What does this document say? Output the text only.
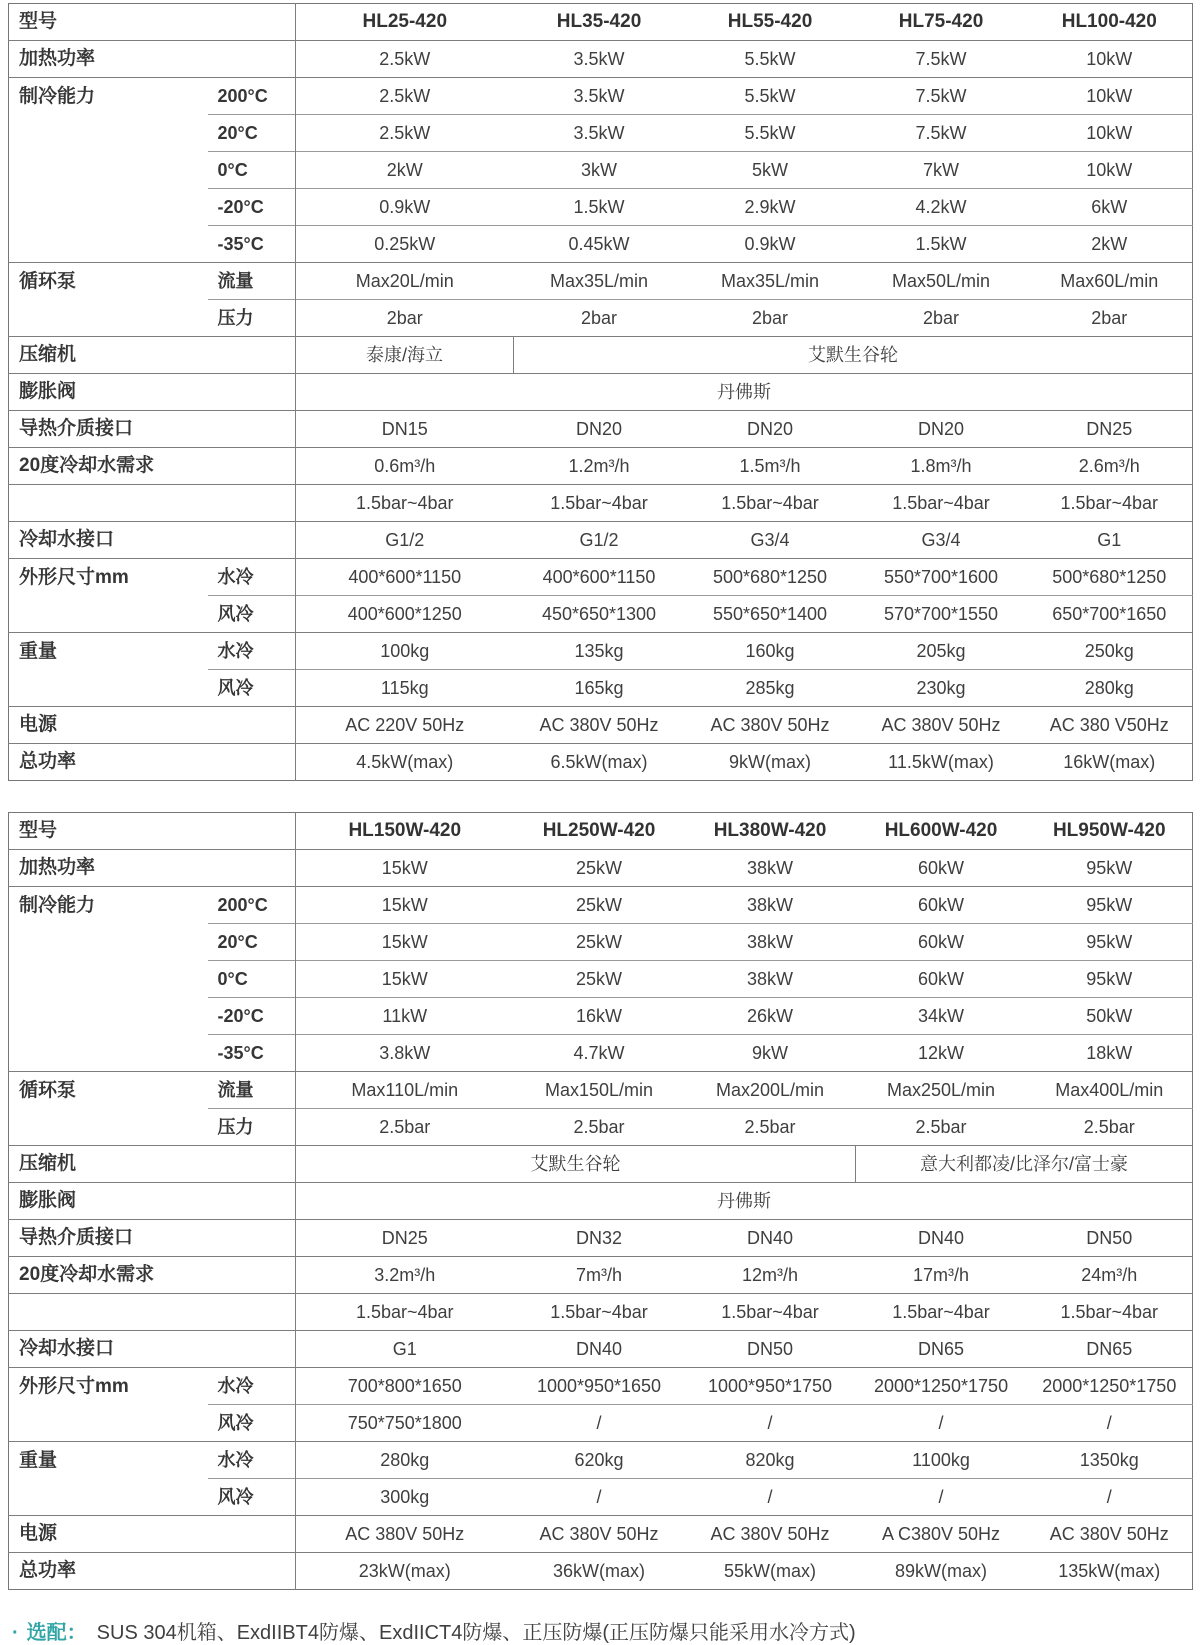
型号		HL25-420	HL35-420	HL55-420	HL75-420	HL100-420
加热功率		2.5kW	3.5kW	5.5kW	7.5kW	10kW
制冷能力	200°C	2.5kW	3.5kW	5.5kW	7.5kW	10kW
	20°C	2.5kW	3.5kW	5.5kW	7.5kW	10kW
	0°C	2kW	3kW	5kW	7kW	10kW
	-20°C	0.9kW	1.5kW	2.9kW	4.2kW	6kW
	-35°C	0.25kW	0.45kW	0.9kW	1.5kW	2kW
循环泵	流量	Max20L/min	Max35L/min	Max35L/min	Max50L/min	Max60L/min
	压力	2bar	2bar	2bar	2bar	2bar
压缩机		泰康/海立	艾默生谷轮			
膨胀阀		丹佛斯				
导热介质接口		DN15	DN20	DN20	DN20	DN25
20度冷却水需求		0.6m³/h	1.2m³/h	1.5m³/h	1.8m³/h	2.6m³/h
		1.5bar~4bar	1.5bar~4bar	1.5bar~4bar	1.5bar~4bar	1.5bar~4bar
冷却水接口		G1/2	G1/2	G3/4	G3/4	G1
外形尺寸mm	水冷	400*600*1150	400*600*1150	500*680*1250	550*700*1600	500*680*1250
	风冷	400*600*1250	450*650*1300	550*650*1400	570*700*1550	650*700*1650
重量	水冷	100kg	135kg	160kg	205kg	250kg
	风冷	115kg	165kg	285kg	230kg	280kg
电源		AC 220V 50Hz	AC 380V 50Hz	AC 380V 50Hz	AC 380V 50Hz	AC 380 V50Hz
总功率		4.5kW(max)	6.5kW(max)	9kW(max)	11.5kW(max)	16kW(max)
型号		HL150W-420	HL250W-420	HL380W-420	HL600W-420	HL950W-420
加热功率		15kW	25kW	38kW	60kW	95kW
制冷能力	200°C	15kW	25kW	38kW	60kW	95kW
	20°C	15kW	25kW	38kW	60kW	95kW
	0°C	15kW	25kW	38kW	60kW	95kW
	-20°C	11kW	16kW	26kW	34kW	50kW
	-35°C	3.8kW	4.7kW	9kW	12kW	18kW
循环泵	流量	Max110L/min	Max150L/min	Max200L/min	Max250L/min	Max400L/min
	压力	2.5bar	2.5bar	2.5bar	2.5bar	2.5bar
压缩机		艾默生谷轮			意大利都凌/比泽尔/富士豪	
膨胀阀		丹佛斯				
导热介质接口		DN25	DN32	DN40	DN40	DN50
20度冷却水需求		3.2m³/h	7m³/h	12m³/h	17m³/h	24m³/h
		1.5bar~4bar	1.5bar~4bar	1.5bar~4bar	1.5bar~4bar	1.5bar~4bar
冷却水接口		G1	DN40	DN50	DN65	DN65
外形尺寸mm	水冷	700*800*1650	1000*950*1650	1000*950*1750	2000*1250*1750	2000*1250*1750
	风冷	750*750*1800	/	/	/	/
重量	水冷	280kg	620kg	820kg	1100kg	1350kg
	风冷	300kg	/	/	/	/
电源		AC 380V 50Hz	AC 380V 50Hz	AC 380V 50Hz	A C380V 50Hz	AC 380V 50Hz
总功率		23kW(max)	36kW(max)	55kW(max)	89kW(max)	135kW(max)
· 选配： SUS 304机箱、ExdIIBT4防爆、ExdIICT4防爆、正压防爆(正压防爆只能采用水冷方式)
